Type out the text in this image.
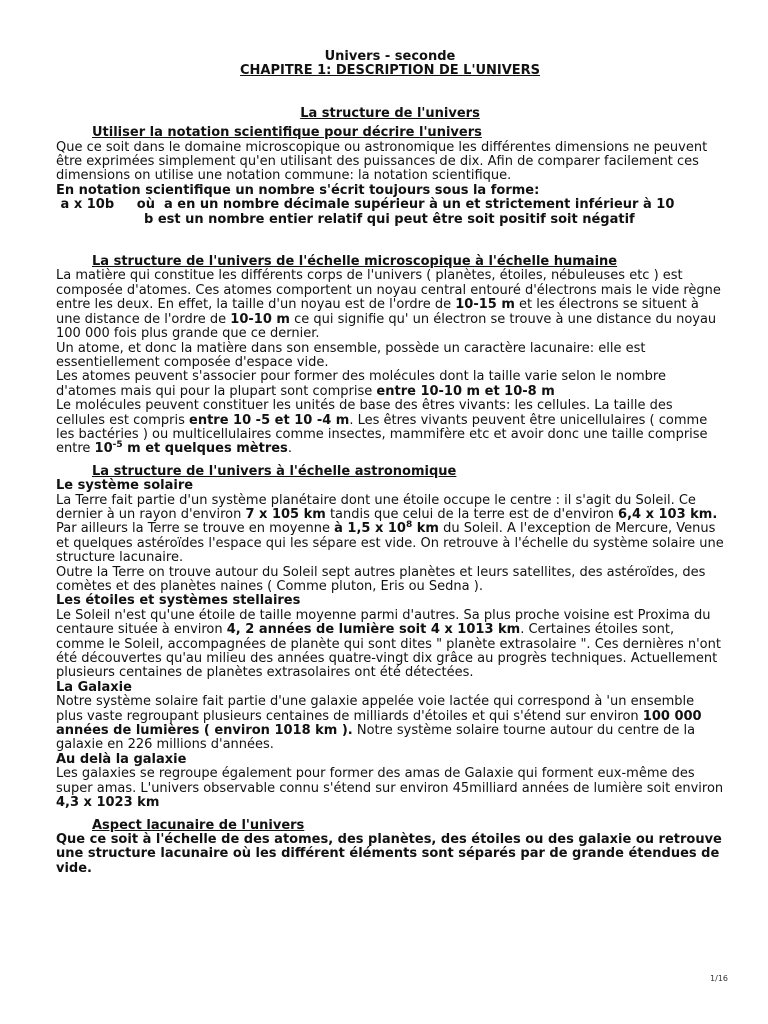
Univers - seconde

CHAPITRE 1: DESCRIPTION DE L'UNIVERS

La structure de l'univers

Utiliser la notation scientifique pour décrire l'univers

Que ce soit dans le domaine microscopique ou astronomique les différentes dimensions ne peuvent être exprimées simplement qu'en utilisant des puissances de dix. Afin de comparer facilement ces dimensions on utilise une notation commune: la notation scientifique.

En notation scientifique un nombre s'écrit toujours sous la forme:

a x 10b     où  a en un nombre décimale supérieur à un et strictement inférieur à 10

b est un nombre entier relatif qui peut être soit positif soit négatif

La structure de l'univers de l'échelle microscopique à l'échelle humaine

La matière qui constitue les différents corps de l'univers ( planètes, étoiles, nébuleuses etc ) est composée d'atomes. Ces atomes comportent un noyau central entouré d'électrons mais le vide règne entre les deux. En effet, la taille d'un noyau est de l'ordre de 10-15 m et les électrons se situent à une distance de l'ordre de 10-10 m ce qui signifie qu' un électron se trouve à une distance du noyau 100 000 fois plus grande que ce dernier.

Un atome, et donc la matière dans son ensemble, possède un caractère lacunaire: elle est essentiellement composée d'espace vide.

Les atomes peuvent s'associer pour former des molécules dont la taille varie selon le nombre d'atomes mais qui pour la plupart sont comprise entre 10-10 m et 10-8 m

Le molécules peuvent constituer les unités de base des êtres vivants: les cellules. La taille des cellules est compris entre 10 -5 et 10 -4 m. Les êtres vivants peuvent être unicellulaires ( comme les bactéries ) ou multicellulaires comme insectes, mammifère etc et avoir donc une taille comprise entre $10^{-5}$ m et quelques mètres.

La structure de l'univers à l'échelle astronomique

Le système solaire

La Terre fait partie d'un système planétaire dont une étoile occupe le centre : il s'agit du Soleil. Ce dernier à un rayon d'environ 7 x 105 km tandis que celui de la terre est de d'environ 6,4 x 103 km. Par ailleurs la Terre se trouve en moyenne à 1,5 x $10^8$ km du Soleil. A l'exception de Mercure, Venus et quelques astéroïdes l'espace qui les sépare est vide. On retrouve à l'échelle du système solaire une structure lacunaire.

Outre la Terre on trouve autour du Soleil sept autres planètes et leurs satellites, des astéroïdes, des comètes et des planètes naines ( Comme pluton, Eris ou Sedna ).

Les étoiles et systèmes stellaires

Le Soleil n'est qu'une étoile de taille moyenne parmi d'autres. Sa plus proche voisine est Proxima du centaure située à environ 4, 2 années de lumière soit 4 x 1013 km. Certaines étoiles sont, comme le Soleil, accompagnées de planète qui sont dites " planète extrasolaire ". Ces dernières n'ont été découvertes qu'au milieu des années quatre-vingt dix grâce au progrès techniques. Actuellement plusieurs centaines de planètes extrasolaires ont été détectées.

La Galaxie

Notre système solaire fait partie d'une galaxie appelée voie lactée qui correspond à 'un ensemble plus vaste regroupant plusieurs centaines de milliards d'étoiles et qui s'étend sur environ 100 000 années de lumières ( environ 1018 km ). Notre système solaire tourne autour du centre de la galaxie en 226 millions d'années.

Au delà la galaxie

Les galaxies se regroupe également pour former des amas de Galaxie qui forment eux-même des super amas. L'univers observable connu s'étend sur environ 45milliard années de lumière soit environ 4,3 x 1023 km

Aspect lacunaire de l'univers

Que ce soit à l'échelle de des atomes, des planètes, des étoiles ou des galaxie ou retrouve une structure lacunaire où les différent éléments sont séparés par de grande étendues de vide.

1/16
